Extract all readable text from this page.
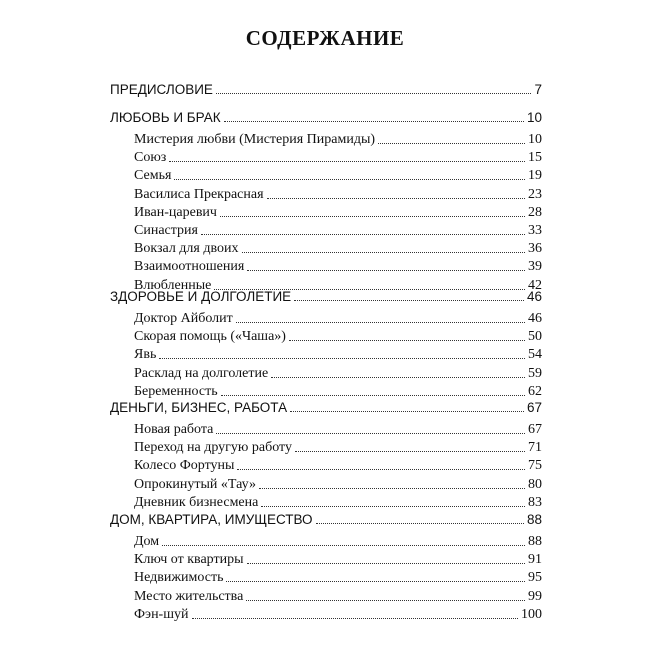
СОДЕРЖАНИЕ
ПРЕДИСЛОВИЕ	7
ЛЮБОВЬ И БРАК	10
Мистерия любви (Мистерия Пирамиды)	10
Союз	15
Семья	19
Василиса Прекрасная	23
Иван-царевич	28
Синастрия	33
Вокзал для двоих	36
Взаимоотношения	39
Влюбленные	42
ЗДОРОВЬЕ И ДОЛГОЛЕТИЕ	46
Доктор Айболит	46
Скорая помощь («Чаша»)	50
Явь	54
Расклад на долголетие	59
Беременность	62
ДЕНЬГИ, БИЗНЕС, РАБОТА	67
Новая работа	67
Переход на другую работу	71
Колесо Фортуны	75
Опрокинутый «Тау»	80
Дневник бизнесмена	83
ДОМ, КВАРТИРА, ИМУЩЕСТВО	88
Дом	88
Ключ от квартиры	91
Недвижимость	95
Место жительства	99
Фэн-шуй	100
